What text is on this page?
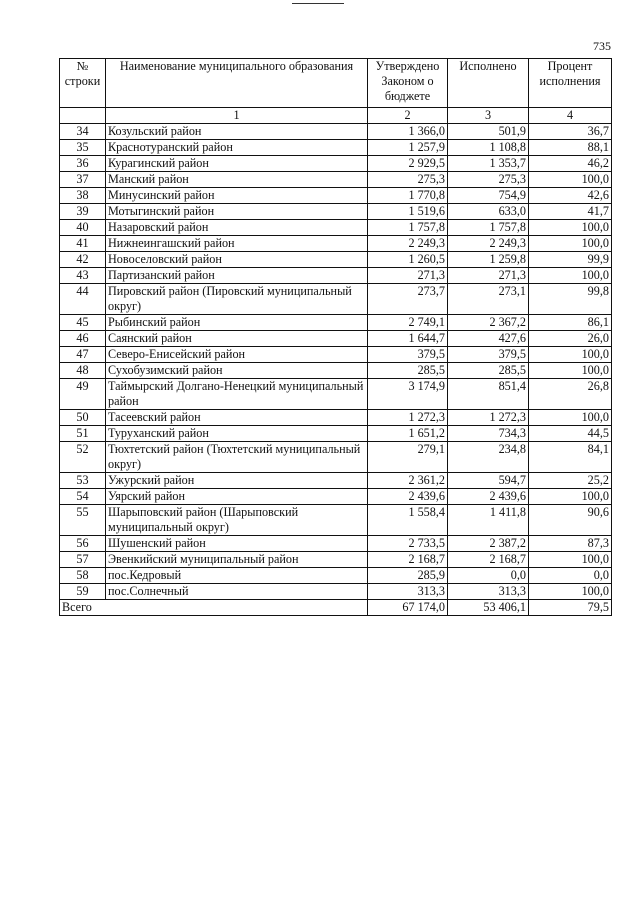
735
№ строки	Наименование муниципального образования	Утверждено Законом о бюджете	Исполнено	Процент исполнения
	1	2	3	4
34	Козульский район	1 366,0	501,9	36,7
35	Краснотуранский район	1 257,9	1 108,8	88,1
36	Курагинский район	2 929,5	1 353,7	46,2
37	Манский район	275,3	275,3	100,0
38	Минусинский район	1 770,8	754,9	42,6
39	Мотыгинский район	1 519,6	633,0	41,7
40	Назаровский район	1 757,8	1 757,8	100,0
41	Нижнеингашский район	2 249,3	2 249,3	100,0
42	Новоселовский район	1 260,5	1 259,8	99,9
43	Партизанский район	271,3	271,3	100,0
44	Пировский район (Пировский муниципальный округ)	273,7	273,1	99,8
45	Рыбинский район	2 749,1	2 367,2	86,1
46	Саянский район	1 644,7	427,6	26,0
47	Северо-Енисейский район	379,5	379,5	100,0
48	Сухобузимский район	285,5	285,5	100,0
49	Таймырский Долгано-Ненецкий муниципальный район	3 174,9	851,4	26,8
50	Тасеевский район	1 272,3	1 272,3	100,0
51	Туруханский район	1 651,2	734,3	44,5
52	Тюхтетский район (Тюхтетский муниципальный округ)	279,1	234,8	84,1
53	Ужурский район	2 361,2	594,7	25,2
54	Уярский район	2 439,6	2 439,6	100,0
55	Шарыповский район (Шарыповский муниципальный округ)	1 558,4	1 411,8	90,6
56	Шушенский район	2 733,5	2 387,2	87,3
57	Эвенкийский муниципальный район	2 168,7	2 168,7	100,0
58	пос.Кедровый	285,9	0,0	0,0
59	пос.Солнечный	313,3	313,3	100,0
Всего		67 174,0	53 406,1	79,5
